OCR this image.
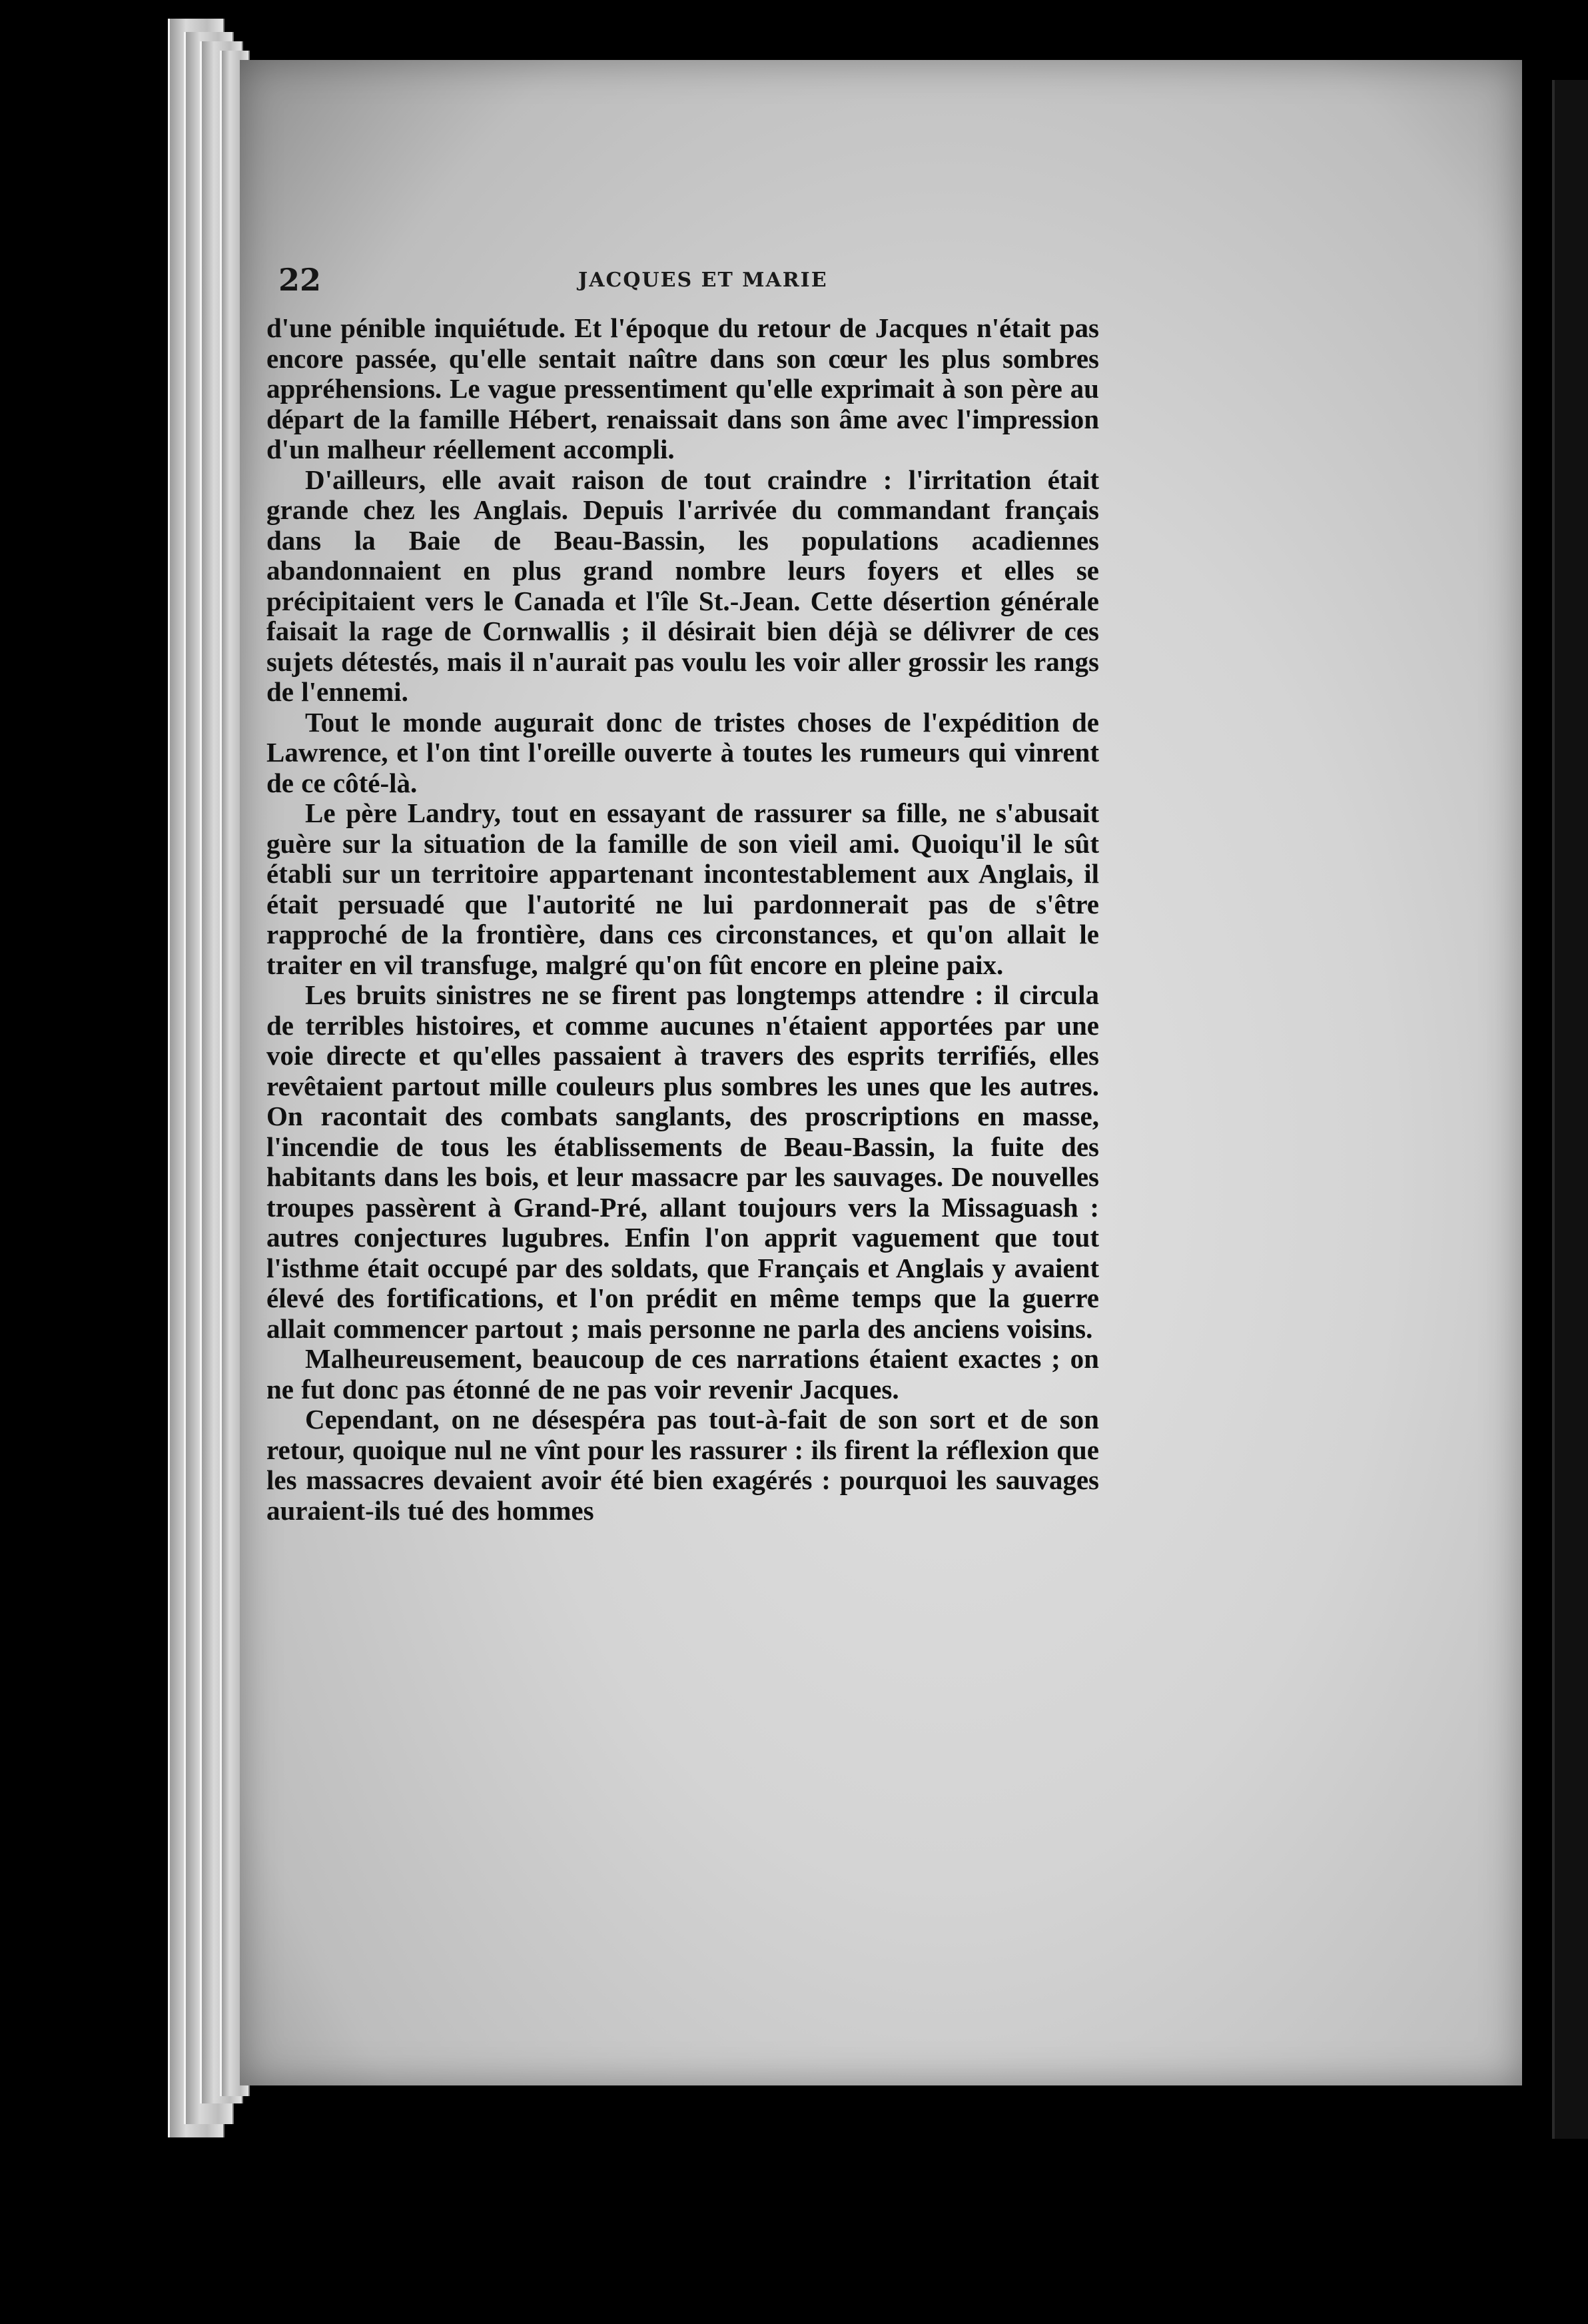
22	JACQUES ET MARIE

d'une pénible inquiétude. Et l'époque du retour de Jacques n'était pas encore passée, qu'elle sentait naître dans son cœur les plus sombres appréhensions. Le vague pressentiment qu'elle exprimait à son père au départ de la famille Hébert, renaissait dans son âme avec l'impression d'un malheur réellement accompli.

D'ailleurs, elle avait raison de tout craindre : l'irritation était grande chez les Anglais. Depuis l'arrivée du commandant français dans la Baie de Beau-Bassin, les populations acadiennes abandonnaient en plus grand nombre leurs foyers et elles se précipitaient vers le Canada et l'île St.-Jean. Cette désertion générale faisait la rage de Cornwallis ; il désirait bien déjà se délivrer de ces sujets détestés, mais il n'aurait pas voulu les voir aller grossir les rangs de l'ennemi.

Tout le monde augurait donc de tristes choses de l'expédition de Lawrence, et l'on tint l'oreille ouverte à toutes les rumeurs qui vinrent de ce côté-là.

Le père Landry, tout en essayant de rassurer sa fille, ne s'abusait guère sur la situation de la famille de son vieil ami. Quoiqu'il le sût établi sur un territoire appartenant incontestablement aux Anglais, il était persuadé que l'autorité ne lui pardonnerait pas de s'être rapproché de la frontière, dans ces circonstances, et qu'on allait le traiter en vil transfuge, malgré qu'on fût encore en pleine paix.

Les bruits sinistres ne se firent pas longtemps attendre : il circula de terribles histoires, et comme aucunes n'étaient apportées par une voie directe et qu'elles passaient à travers des esprits terrifiés, elles revêtaient partout mille couleurs plus sombres les unes que les autres. On racontait des combats sanglants, des proscriptions en masse, l'incendie de tous les établissements de Beau-Bassin, la fuite des habitants dans les bois, et leur massacre par les sauvages. De nouvelles troupes passèrent à Grand-Pré, allant toujours vers la Missaguash : autres conjectures lugubres. Enfin l'on apprit vaguement que tout l'isthme était occupé par des soldats, que Français et Anglais y avaient élevé des fortifications, et l'on prédit en même temps que la guerre allait commencer partout ; mais personne ne parla des anciens voisins.

Malheureusement, beaucoup de ces narrations étaient exactes ; on ne fut donc pas étonné de ne pas voir revenir Jacques.

Cependant, on ne désespéra pas tout-à-fait de son sort et de son retour, quoique nul ne vînt pour les rassurer : ils firent la réflexion que les massacres devaient avoir été bien exagérés : pourquoi les sauvages auraient-ils tué des hommes
